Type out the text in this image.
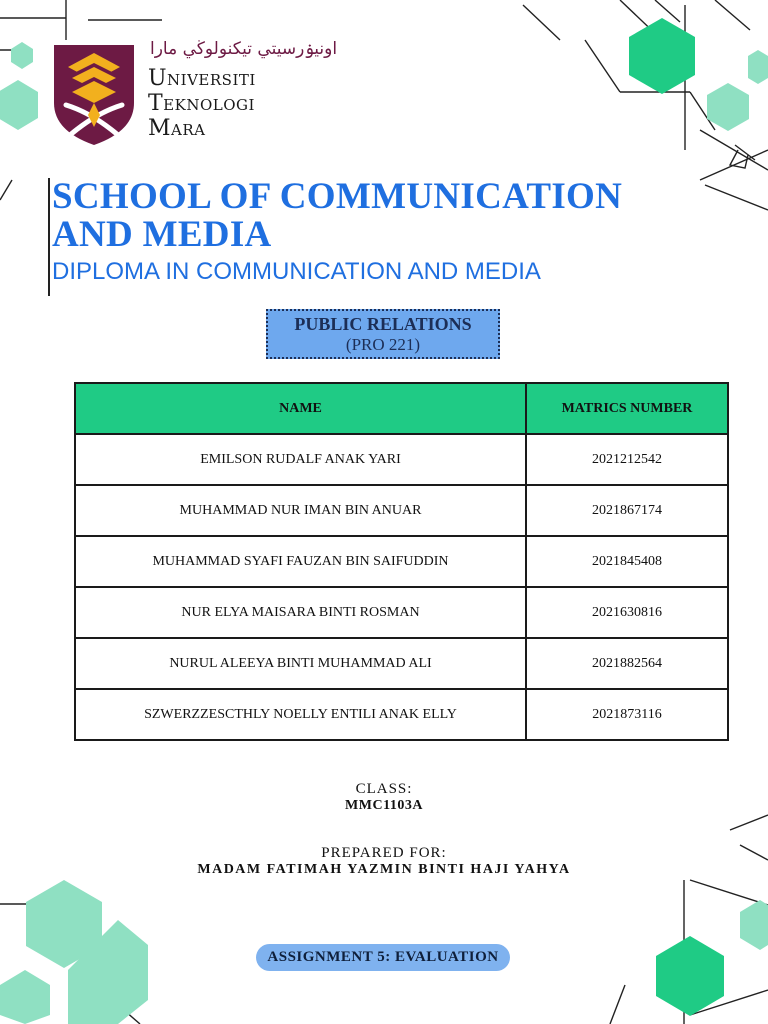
اونيۏرسيتي تيكنولوڬي مارا
Universiti
Teknologi
Mara
SCHOOL OF COMMUNICATION
AND MEDIA
DIPLOMA IN COMMUNICATION AND MEDIA
PUBLIC RELATIONS
(PRO 221)
NAME	MATRICS NUMBER
EMILSON RUDALF ANAK YARI	2021212542
MUHAMMAD NUR IMAN BIN ANUAR	2021867174
MUHAMMAD SYAFI FAUZAN BIN SAIFUDDIN	2021845408
NUR ELYA MAISARA BINTI ROSMAN	2021630816
NURUL ALEEYA BINTI MUHAMMAD ALI	2021882564
SZWERZZESCTHLY NOELLY ENTILI ANAK ELLY	2021873116
CLASS:
MMC1103A
PREPARED FOR:
MADAM FATIMAH YAZMIN BINTI HAJI YAHYA
ASSIGNMENT 5: EVALUATION
